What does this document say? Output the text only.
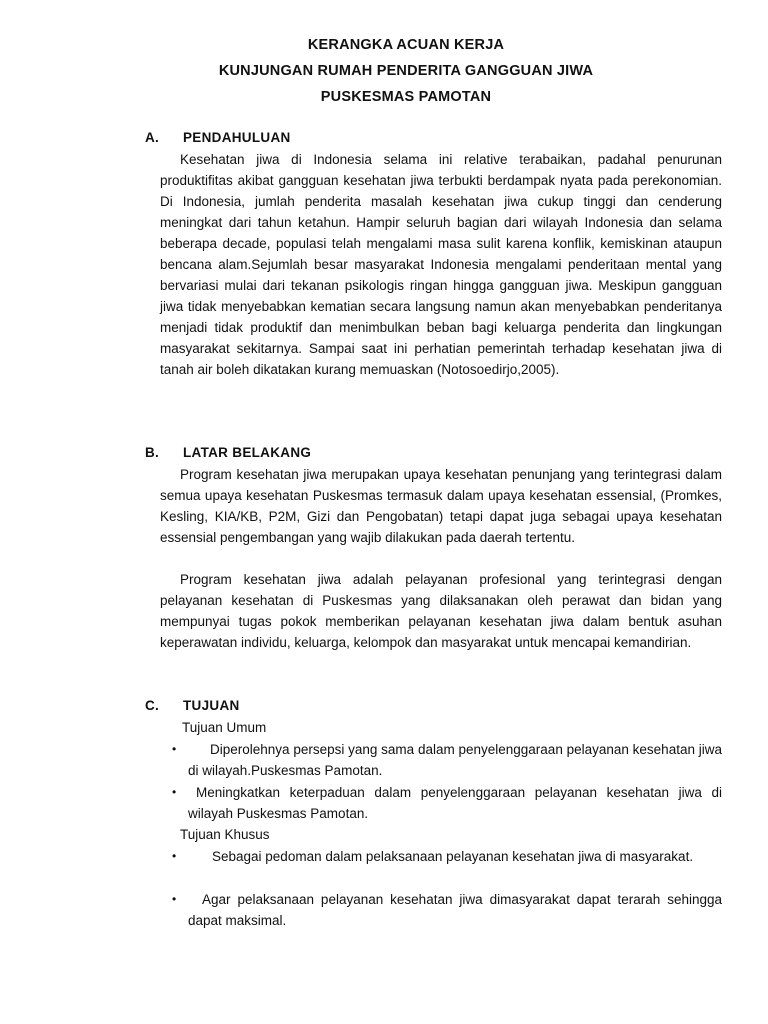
KERANGKA ACUAN KERJA
KUNJUNGAN RUMAH PENDERITA GANGGUAN JIWA
PUSKESMAS PAMOTAN
A.	PENDAHULUAN

Kesehatan jiwa di Indonesia selama ini relative terabaikan, padahal penurunan produktifitas akibat gangguan kesehatan jiwa terbukti berdampak nyata pada perekonomian. Di Indonesia, jumlah penderita masalah kesehatan jiwa cukup tinggi dan cenderung meningkat dari tahun ketahun. Hampir seluruh bagian dari wilayah Indonesia dan selama beberapa decade, populasi telah mengalami masa sulit karena konflik, kemiskinan ataupun bencana alam.Sejumlah besar masyarakat Indonesia mengalami penderitaan mental yang bervariasi mulai dari tekanan psikologis ringan hingga gangguan jiwa. Meskipun gangguan jiwa tidak menyebabkan kematian secara langsung namun akan menyebabkan penderitanya menjadi tidak produktif dan menimbulkan beban bagi keluarga penderita dan lingkungan masyarakat sekitarnya. Sampai saat ini perhatian pemerintah terhadap kesehatan jiwa di tanah air boleh dikatakan kurang memuaskan (Notosoedirjo,2005).

B.	LATAR BELAKANG

Program kesehatan jiwa merupakan upaya kesehatan penunjang yang terintegrasi dalam semua upaya kesehatan Puskesmas termasuk dalam upaya kesehatan essensial, (Promkes, Kesling, KIA/KB, P2M, Gizi dan Pengobatan) tetapi dapat juga sebagai upaya kesehatan essensial pengembangan yang wajib dilakukan pada daerah tertentu.

Program kesehatan jiwa adalah pelayanan profesional yang terintegrasi dengan pelayanan kesehatan di Puskesmas yang dilaksanakan oleh perawat dan bidan yang mempunyai tugas pokok memberikan pelayanan kesehatan jiwa dalam bentuk asuhan keperawatan individu, keluarga, kelompok dan masyarakat untuk mencapai kemandirian.

C.	TUJUAN
Tujuan Umum
•	Diperolehnya persepsi yang sama dalam penyelenggaraan pelayanan kesehatan jiwa di wilayah.Puskesmas Pamotan.
•	Meningkatkan keterpaduan dalam penyelenggaraan pelayanan kesehatan jiwa di wilayah Puskesmas Pamotan.
Tujuan Khusus
•	Sebagai pedoman dalam pelaksanaan pelayanan kesehatan jiwa di masyarakat.
•	Agar pelaksanaan pelayanan kesehatan jiwa dimasyarakat dapat terarah sehingga dapat maksimal.
